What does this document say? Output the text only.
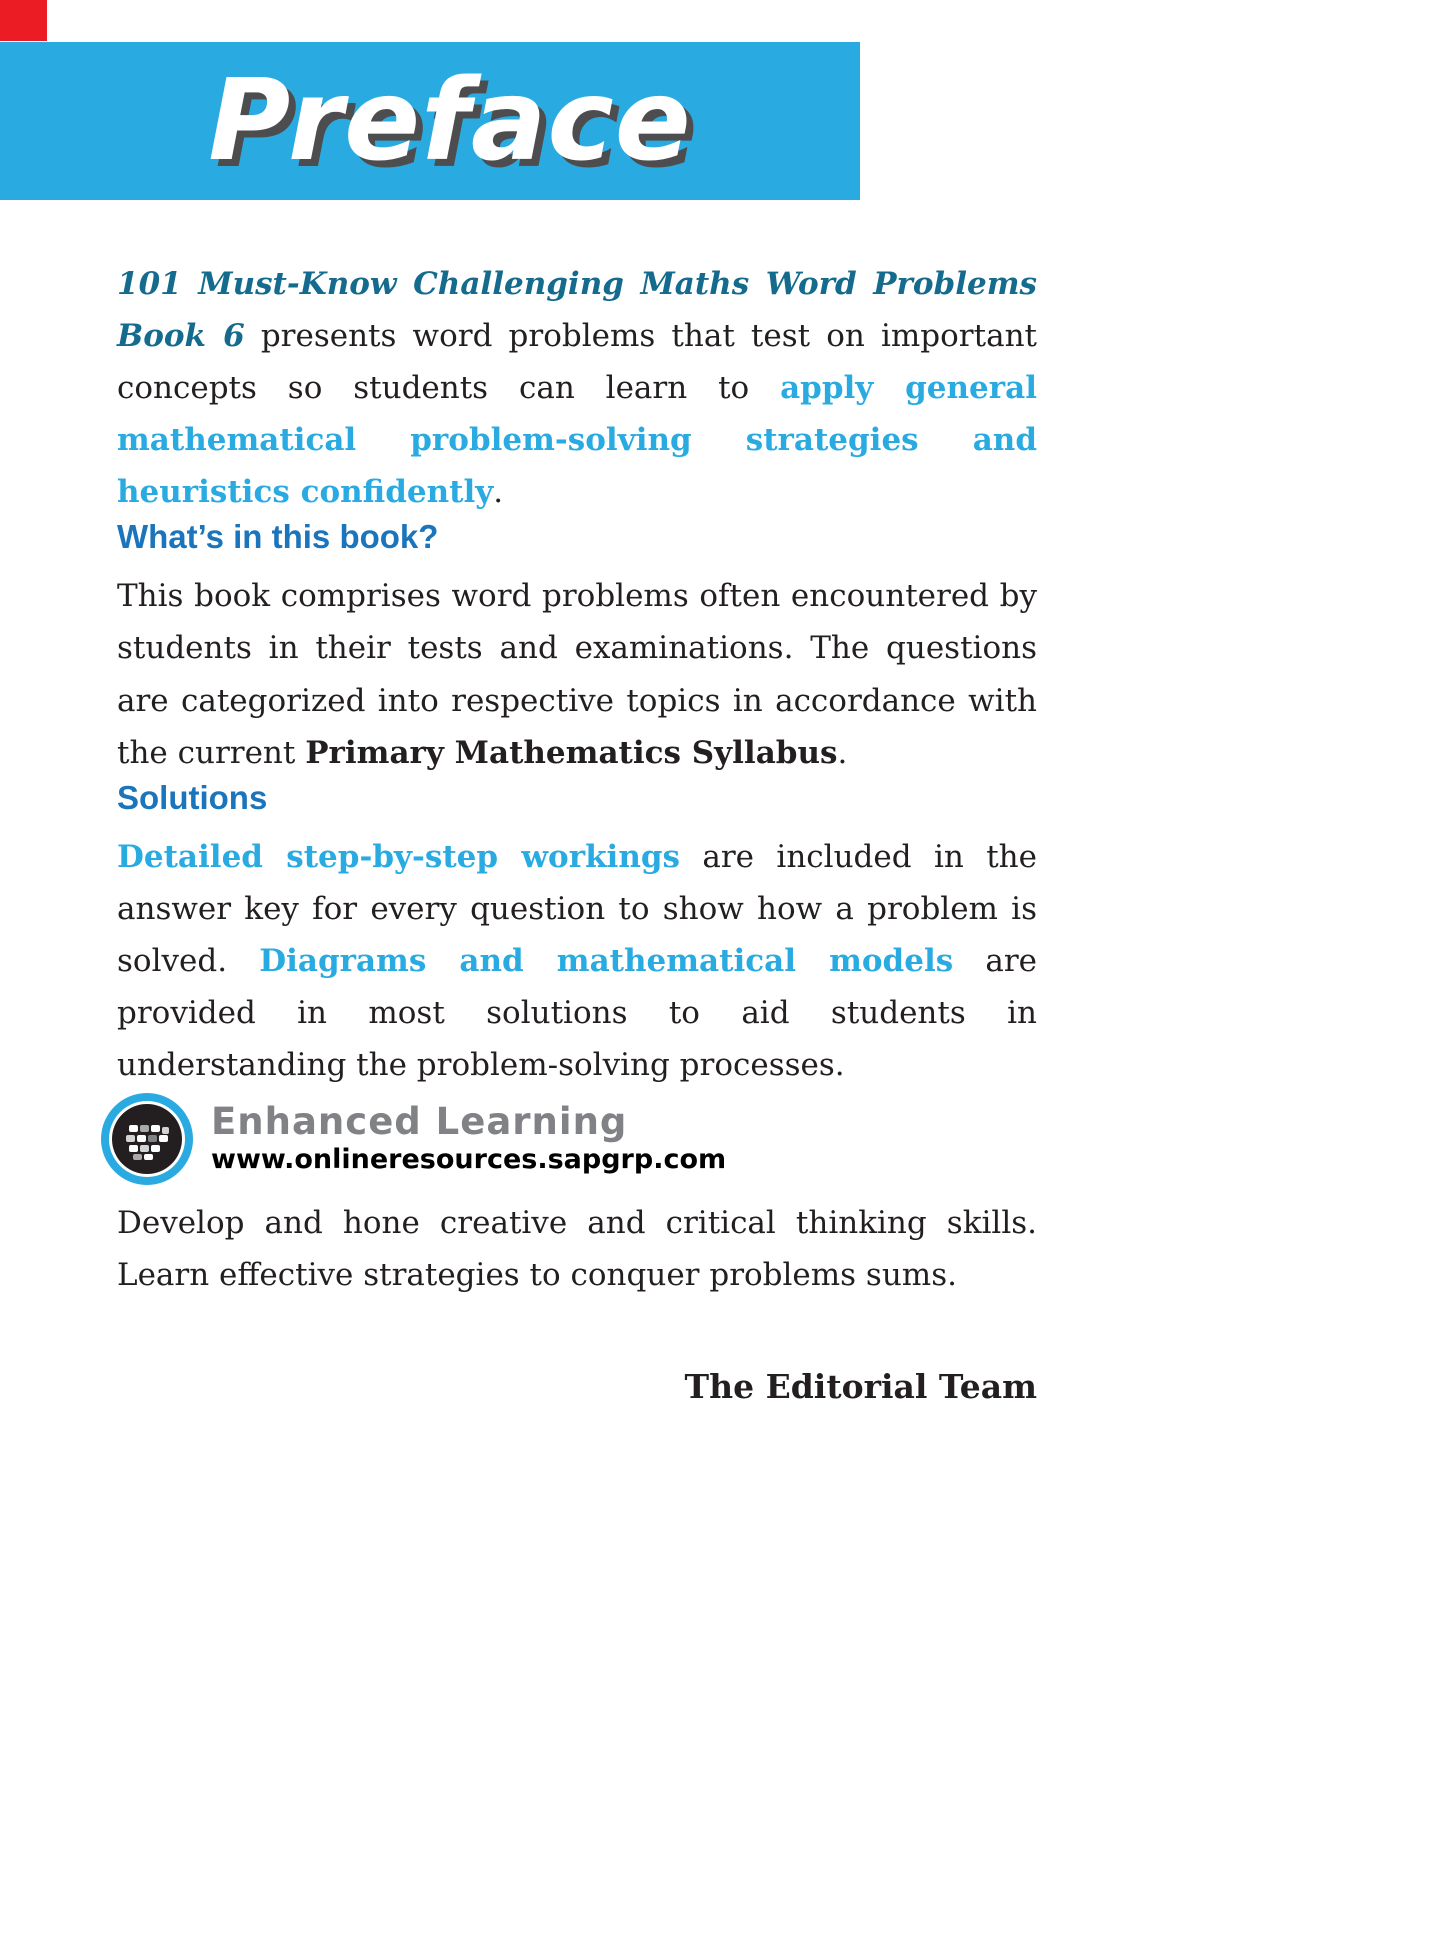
Preface

101 Must-Know Challenging Maths Word Problems Book 6 presents word problems that test on important concepts so students can learn to apply general mathematical problem-solving strategies and heuristics confidently.

What’s in this book?

This book comprises word problems often encountered by students in their tests and examinations. The questions are categorized into respective topics in accordance with the current Primary Mathematics Syllabus.

Solutions

Detailed step-by-step workings are included in the answer key for every question to show how a problem is solved. Diagrams and mathematical models are provided in most solutions to aid students in understanding the problem-solving processes.

Enhanced Learning
www.onlineresources.sapgrp.com

Develop and hone creative and critical thinking skills. Learn effective strategies to conquer problems sums.

The Editorial Team
